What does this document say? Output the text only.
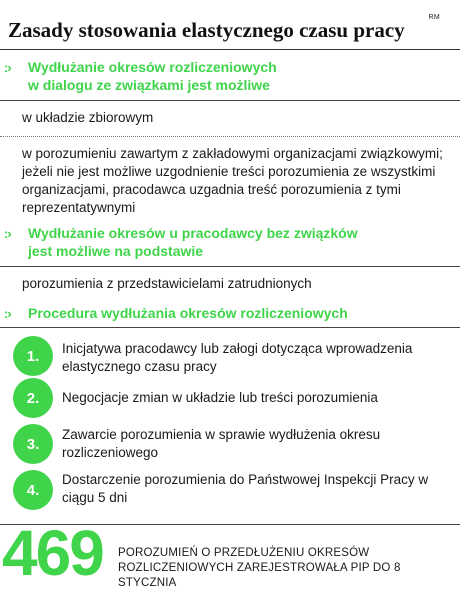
RM
Zasady stosowania elastycznego czasu pracy
:› Wydłużanie okresów rozliczeniowych
w dialogu ze związkami jest możliwe
w układzie zbiorowym
w porozumieniu zawartym z zakładowymi organizacjami związkowymi; jeżeli nie jest możliwe uzgodnienie treści porozumienia ze wszystkimi organizacjami, pracodawca uzgadnia treść porozumienia z tymi reprezentatywnymi
:› Wydłużanie okresów u pracodawcy bez związków
jest możliwe na podstawie
porozumienia z przedstawicielami zatrudnionych
:› Procedura wydłużania okresów rozliczeniowych
1.	Inicjatywa pracodawcy lub załogi dotycząca wprowadzenia elastycznego czasu pracy
2.	Negocjacje zmian w układzie lub treści porozumienia
3.
Zawarcie porozumienia w sprawie wydłużenia okresu rozliczeniowego
4.
Dostarczenie porozumienia do Państwowej Inspekcji Pracy w ciągu 5 dni
469 POROZUMIEŃ O PRZEDŁUŻENIU OKRESÓW ROZLICZENIOWYCH ZAREJESTROWAŁA PIP DO 8 STYCZNIA
